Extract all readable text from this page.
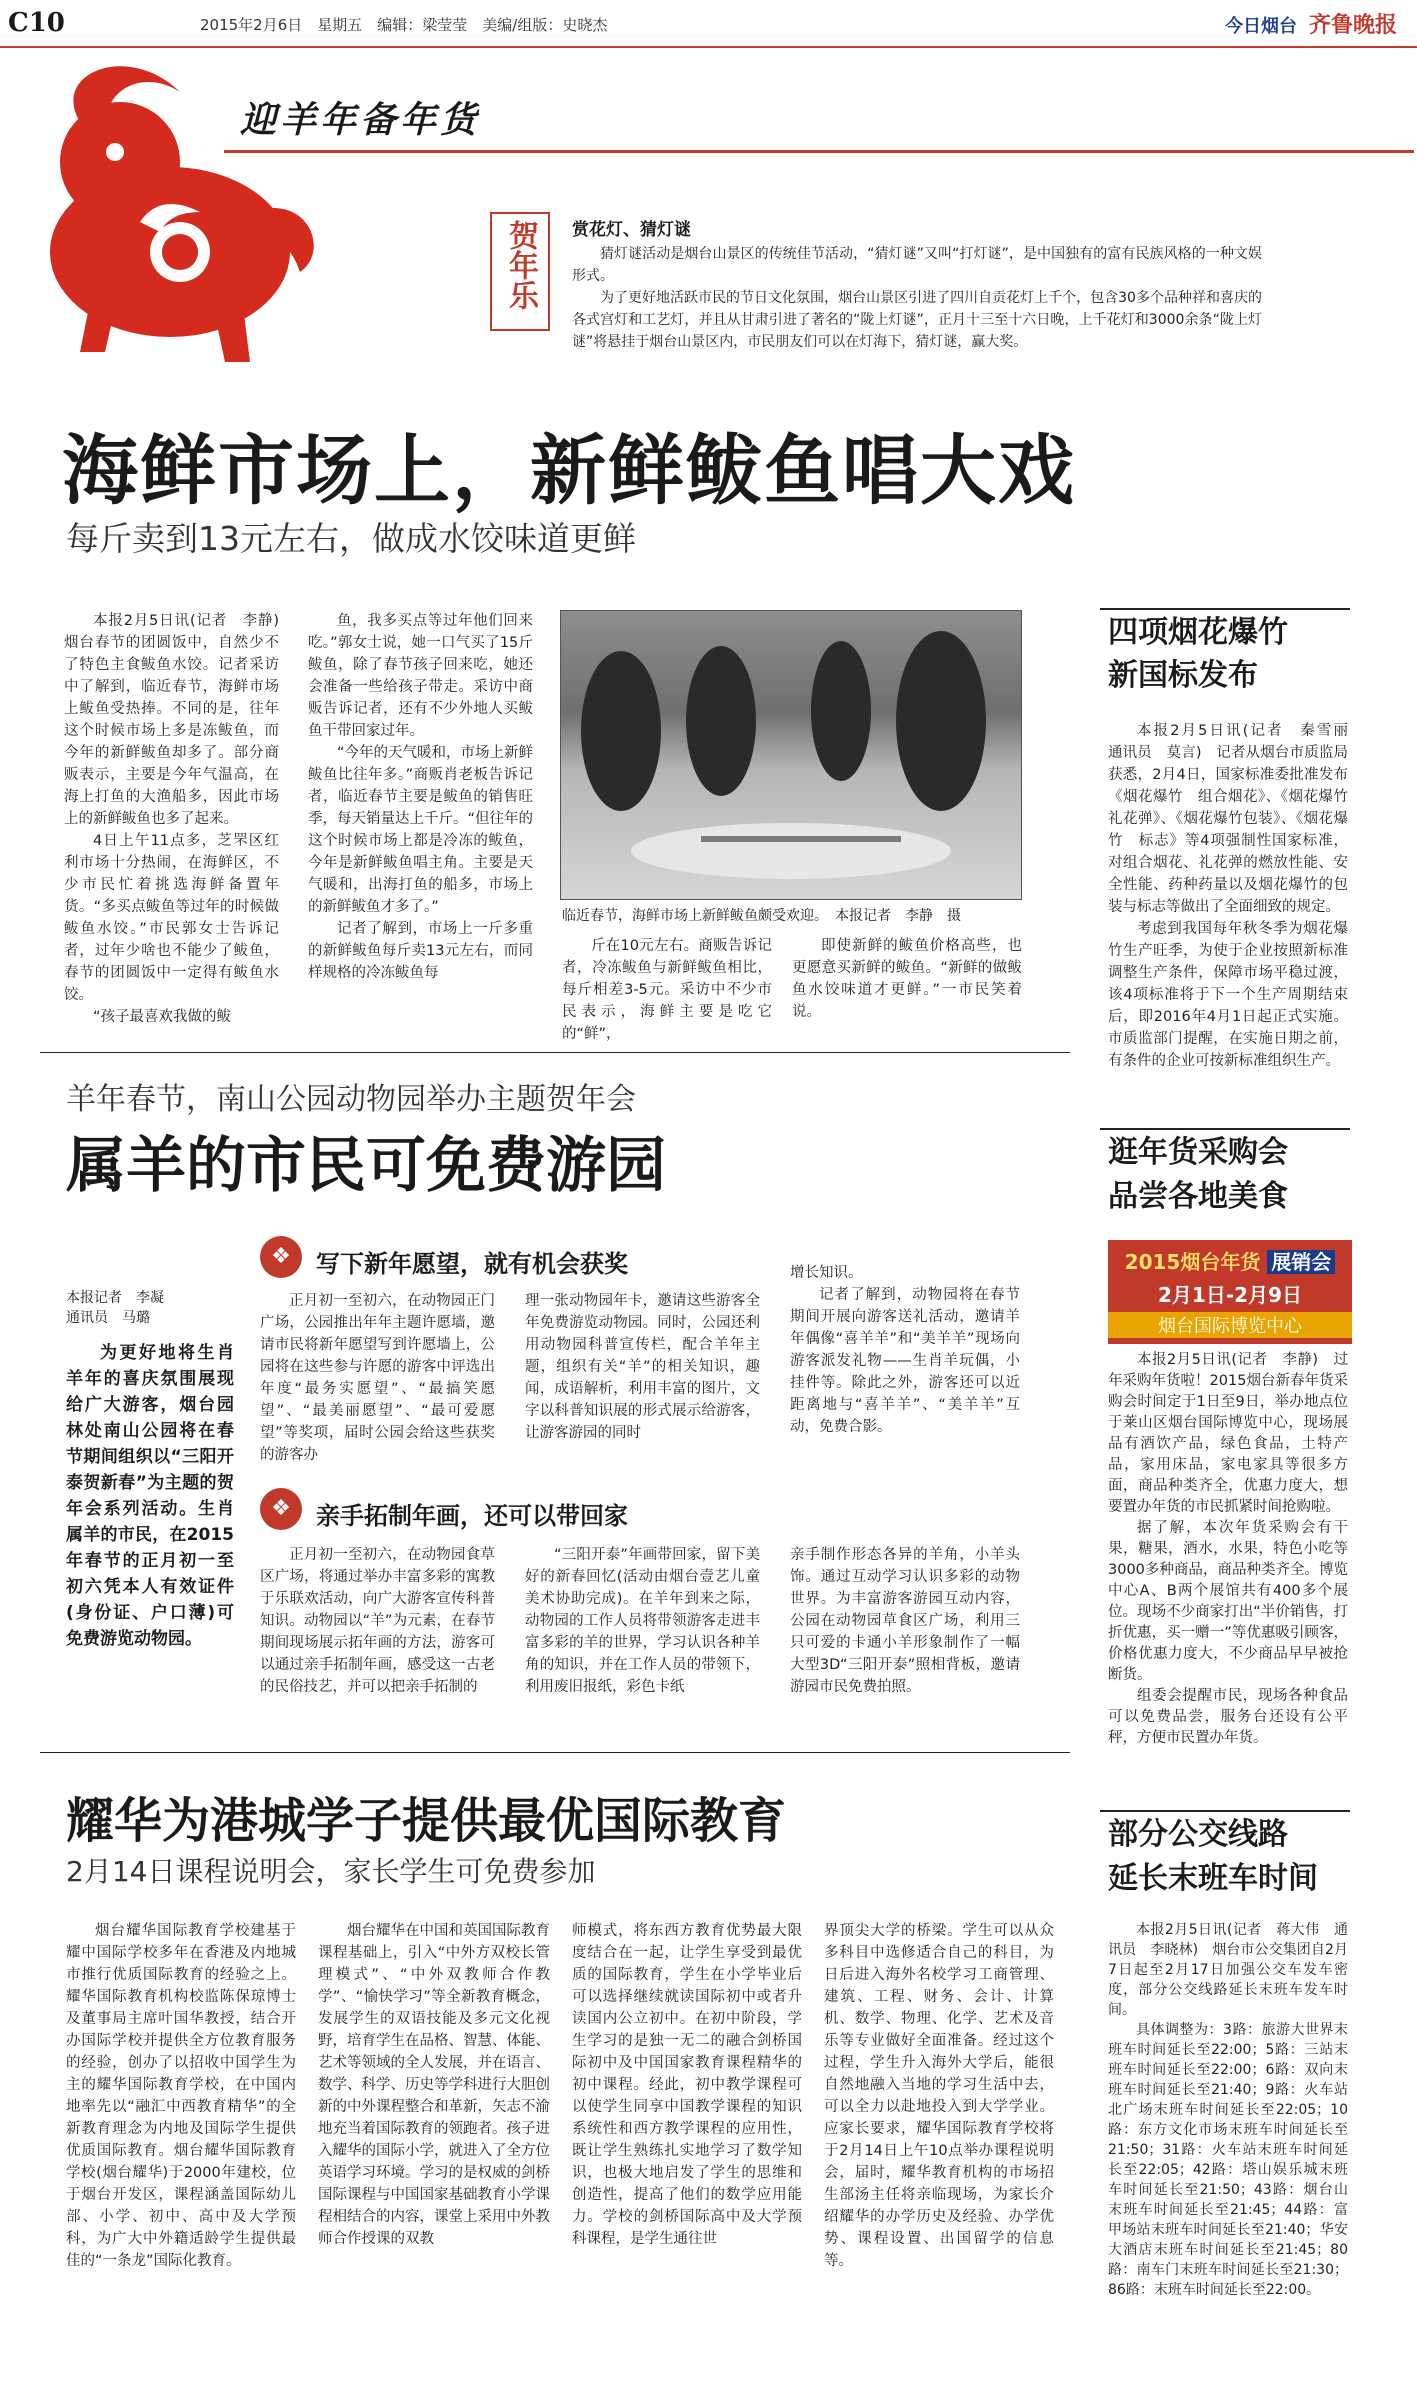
C10	2015年2月6日　星期五　编辑：梁莹莹　美编/组版：史晓杰	今日烟台 齐鲁晚报
迎羊年备年货
贺年乐	赏花灯、猜灯谜

猜灯谜活动是烟台山景区的传统佳节活动，“猜灯谜”又叫“打灯谜”，是中国独有的富有民族风格的一种文娱形式。

为了更好地活跃市民的节日文化氛围，烟台山景区引进了四川自贡花灯上千个，包含30多个品种祥和喜庆的各式宫灯和工艺灯，并且从甘肃引进了著名的“陇上灯谜”，正月十三至十六日晚，上千花灯和3000余条“陇上灯谜”将悬挂于烟台山景区内，市民朋友们可以在灯海下，猜灯谜，赢大奖。

海鲜市场上，新鲜鲅鱼唱大戏
每斤卖到13元左右，做成水饺味道更鲜

本报2月5日讯(记者　李静)　烟台春节的团圆饭中，自然少不了特色主食鲅鱼水饺。记者采访中了解到，临近春节，海鲜市场上鲅鱼受热捧。不同的是，往年这个时候市场上多是冻鲅鱼，而今年的新鲜鲅鱼却多了。部分商贩表示，主要是今年气温高，在海上打鱼的大渔船多，因此市场上的新鲜鲅鱼也多了起来。

4日上午11点多，芝罘区红利市场十分热闹，在海鲜区，不少市民忙着挑选海鲜备置年货。“多买点鲅鱼等过年的时候做鲅鱼水饺。”市民郭女士告诉记者，过年少啥也不能少了鲅鱼，春节的团圆饭中一定得有鲅鱼水饺。

“孩子最喜欢我做的鲅

鱼，我多买点等过年他们回来吃。”郭女士说，她一口气买了15斤鲅鱼，除了春节孩子回来吃，她还会准备一些给孩子带走。采访中商贩告诉记者，还有不少外地人买鲅鱼干带回家过年。

“今年的天气暖和，市场上新鲜鲅鱼比往年多。”商贩肖老板告诉记者，临近春节主要是鲅鱼的销售旺季，每天销量达上千斤。“但往年的这个时候市场上都是冷冻的鲅鱼，今年是新鲜鲅鱼唱主角。主要是天气暖和，出海打鱼的船多，市场上的新鲜鲅鱼才多了。”

记者了解到，市场上一斤多重的新鲜鲅鱼每斤卖13元左右，而同样规格的冷冻鲅鱼每

临近春节，海鲜市场上新鲜鲅鱼颇受欢迎。　本报记者　李静　摄

斤在10元左右。商贩告诉记者，冷冻鲅鱼与新鲜鲅鱼相比，每斤相差3-5元。采访中不少市民表示，海鲜主要是吃它的“鲜”，

即使新鲜的鲅鱼价格高些，也更愿意买新鲜的鲅鱼。“新鲜的做鲅鱼水饺味道才更鲜。”一市民笑着说。

四项烟花爆竹
新国标发布

本报2月5日讯(记者　秦雪丽　通讯员　莫言)　记者从烟台市质监局获悉，2月4日，国家标准委批准发布《烟花爆竹　组合烟花》、《烟花爆竹　礼花弹》、《烟花爆竹包装》、《烟花爆竹　标志》等4项强制性国家标准，对组合烟花、礼花弹的燃放性能、安全性能、药种药量以及烟花爆竹的包装与标志等做出了全面细致的规定。

考虑到我国每年秋冬季为烟花爆竹生产旺季，为使于企业按照新标准调整生产条件，保障市场平稳过渡，该4项标准将于下一个生产周期结束后，即2016年4月1日起正式实施。市质监部门提醒，在实施日期之前，有条件的企业可按新标准组织生产。

羊年春节，南山公园动物园举办主题贺年会
属羊的市民可免费游园
本报记者　李凝
通讯员　马璐
为更好地将生肖羊年的喜庆氛围展现给广大游客，烟台园林处南山公园将在春节期间组织以“三阳开泰贺新春”为主题的贺年会系列活动。生肖属羊的市民，在2015年春节的正月初一至初六凭本人有效证件(身份证、户口薄)可免费游览动物园。
❖	写下新年愿望，就有机会获奖

正月初一至初六，在动物园正门广场，公园推出年年主题许愿墙，邀请市民将新年愿望写到许愿墙上，公园将在这些参与许愿的游客中评选出年度“最务实愿望”、“最搞笑愿望”、“最美丽愿望”、“最可爱愿望”等奖项，届时公园会给这些获奖的游客办

理一张动物园年卡，邀请这些游客全年免费游览动物园。同时，公园还利用动物园科普宣传栏，配合羊年主题，组织有关“羊”的相关知识，趣闻，成语解析，利用丰富的图片，文字以科普知识展的形式展示给游客，让游客游园的同时

增长知识。

记者了解到，动物园将在春节期间开展向游客送礼活动，邀请羊年偶像“喜羊羊”和“美羊羊”现场向游客派发礼物——生肖羊玩偶，小挂件等。除此之外，游客还可以近距离地与“喜羊羊”、“美羊羊”互动，免费合影。

❖	亲手拓制年画，还可以带回家

正月初一至初六，在动物园食草区广场，将通过举办丰富多彩的寓教于乐联欢活动，向广大游客宣传科普知识。动物园以“羊”为元素，在春节期间现场展示拓年画的方法，游客可以通过亲手拓制年画，感受这一古老的民俗技艺，并可以把亲手拓制的

“三阳开泰”年画带回家，留下美好的新春回忆(活动由烟台壹艺儿童美术协助完成)。在羊年到来之际，动物园的工作人员将带领游客走进丰富多彩的羊的世界，学习认识各种羊角的知识，并在工作人员的带领下，利用废旧报纸，彩色卡纸

亲手制作形态各异的羊角，小羊头饰。通过互动学习认识多彩的动物世界。为丰富游客游园互动内容，公园在动物园草食区广场，利用三只可爱的卡通小羊形象制作了一幅大型3D“三阳开泰”照相背板，邀请游园市民免费拍照。

逛年货采购会
品尝各地美食
2015烟台年货 展销会
2月1日-2月9日
烟台国际博览中心

本报2月5日讯(记者　李静)　过年采购年货啦！2015烟台新春年货采购会时间定于1日至9日，举办地点位于莱山区烟台国际博览中心，现场展品有酒饮产品，绿色食品，土特产品，家用床品，家电家具等很多方面，商品种类齐全，优惠力度大，想要置办年货的市民抓紧时间抢购啦。

据了解，本次年货采购会有干果，糖果，酒水，水果，特色小吃等3000多种商品，商品种类齐全。博览中心A、B两个展馆共有400多个展位。现场不少商家打出“半价销售，打折优惠，买一赠一”等优惠吸引顾客，价格优惠力度大，不少商品早早被抢断货。

组委会提醒市民，现场各种食品可以免费品尝，服务台还设有公平秤，方便市民置办年货。

耀华为港城学子提供最优国际教育
2月14日课程说明会，家长学生可免费参加

烟台耀华国际教育学校建基于耀中国际学校多年在香港及内地城市推行优质国际教育的经验之上。耀华国际教育机构校监陈保琼博士及董事局主席叶国华教授，结合开办国际学校并提供全方位教育服务的经验，创办了以招收中国学生为主的耀华国际教育学校，在中国内地率先以“融汇中西教育精华”的全新教育理念为内地及国际学生提供优质国际教育。烟台耀华国际教育学校(烟台耀华)于2000年建校，位于烟台开发区，课程涵盖国际幼儿部、小学、初中、高中及大学预科，为广大中外籍适龄学生提供最佳的“一条龙”国际化教育。

烟台耀华在中国和英国国际教育课程基础上，引入“中外方双校长管理模式”、“中外双教师合作教学”、“愉快学习”等全新教育概念，发展学生的双语技能及多元文化视野，培育学生在品格、智慧、体能、艺术等领域的全人发展，并在语言、数学、科学、历史等学科进行大胆创新的中外课程整合和革新，矢志不渝地充当着国际教育的领跑者。孩子进入耀华的国际小学，就进入了全方位英语学习环境。学习的是权威的剑桥国际课程与中国国家基础教育小学课程相结合的内容，课堂上采用中外教师合作授课的双教

师模式，将东西方教育优势最大限度结合在一起，让学生享受到最优质的国际教育，学生在小学毕业后可以选择继续就读国际初中或者升读国内公立初中。在初中阶段，学生学习的是独一无二的融合剑桥国际初中及中国国家教育课程精华的初中课程。经此，初中教学课程可以使学生同享中国教学课程的知识系统性和西方教学课程的应用性，既让学生熟练扎实地学习了数学知识，也极大地启发了学生的思维和创造性，提高了他们的数学应用能力。学校的剑桥国际高中及大学预科课程，是学生通往世

界顶尖大学的桥梁。学生可以从众多科目中选修适合自己的科目，为日后进入海外名校学习工商管理、建筑、工程、财务、会计、计算机、数学、物理、化学、艺术及音乐等专业做好全面准备。经过这个过程，学生升入海外大学后，能很自然地融入当地的学习生活中去，可以全力以赴地投入到大学学业。应家长要求，耀华国际教育学校将于2月14日上午10点举办课程说明会，届时，耀华教育机构的市场招生部汤主任将亲临现场，为家长介绍耀华的办学历史及经验、办学优势、课程设置、出国留学的信息等。

部分公交线路
延长末班车时间

本报2月5日讯(记者　蒋大伟　通讯员　李晓林)　烟台市公交集团自2月7日起至2月17日加强公交车发车密度，部分公交线路延长末班车发车时间。

具体调整为：3路：旅游大世界末班车时间延长至22:00；5路：三站末班车时间延长至22:00；6路：双向末班车时间延长至21:40；9路：火车站北广场末班车时间延长至22:05；10路：东方文化市场末班车时间延长至21:50；31路：火车站末班车时间延长至22:05；42路：塔山娱乐城末班车时间延长至21:50；43路：烟台山末班车时间延长至21:45；44路：富甲场站末班车时间延长至21:40；华安大酒店末班车时间延长至21:45；80路：南车门末班车时间延长至21:30；86路：末班车时间延长至22:00。
